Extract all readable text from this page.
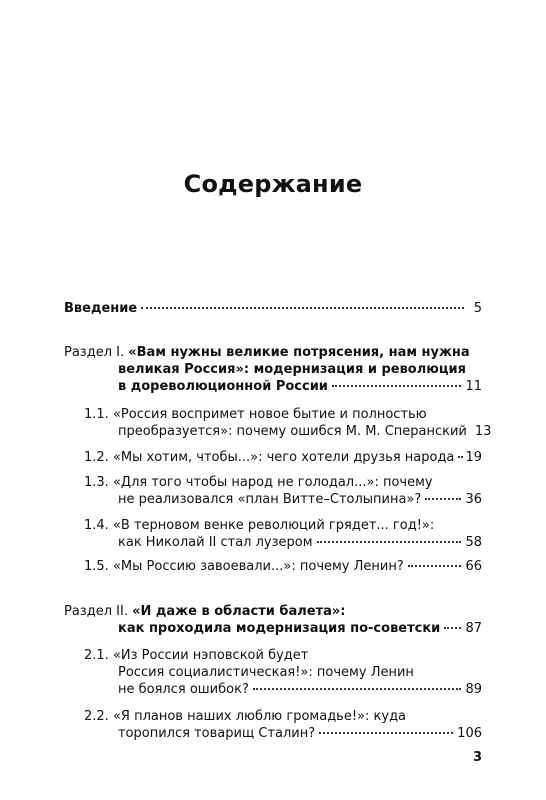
Содержание
Введение	5
Раздел I. «Вам нужны великие потрясения, нам нужна
великая Россия»: модернизация и революция
в дореволюционной России	11
1.1. «Россия воспримет новое бытие и полностью
преобразуется»: почему ошибся М. М. Сперанский 13
1.2. «Мы хотим, чтобы...»: чего хотели друзья народа 19
1.3. «Для того чтобы народ не голодал...»: почему
не реализовался «план Витте–Столыпина»?	36
1.4. «В терновом венке революций грядет... год!»:
как Николай II стал лузером	58
1.5. «Мы Россию завоевали...»: почему Ленин?	66
Раздел II. «И даже в области балета»:
как проходила модернизация по-советски 87
2.1. «Из России нэповской будет
Россия социалистическая!»: почему Ленин
не боялся ошибок?	89
2.2. «Я планов наших люблю громадье!»: куда
торопился товарищ Сталин?	106
3
